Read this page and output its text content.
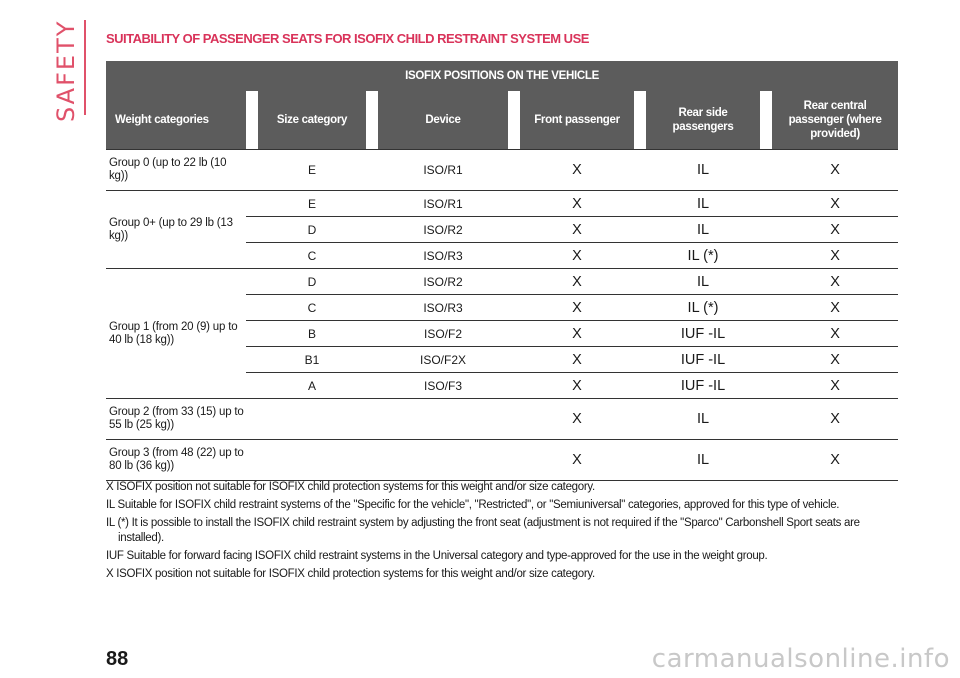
SAFETY SUITABILITY OF PASSENGER SEATS FOR ISOFIX CHILD RESTRAINT SYSTEM USE
ISOFIX POSITIONS ON THE VEHICLE										
Weight categories		Size category		Device		Front passenger		Rear side passengers		Rear central passenger (where provided)
Group 0 (up to 22 lb (10 kg))		E		ISO/R1		X		IL		X
Group 0+ (up to 29 lb (13 kg))		E		ISO/R1		X		IL		X
		D		ISO/R2		X		IL		X
		C		ISO/R3		X		IL (*)		X
Group 1 (from 20 (9) up to 40 lb (18 kg))		D		ISO/R2		X		IL		X
		C		ISO/R3		X		IL (*)		X
		B		ISO/F2		X		IUF -IL		X
		B1		ISO/F2X		X		IUF -IL		X
		A		ISO/F3		X		IUF -IL		X
Group 2 (from 33 (15) up to 55 lb (25 kg))						X		IL		X
Group 3 (from 48 (22) up to 80 lb (36 kg))						X		IL		X

X ISOFIX position not suitable for ISOFIX child protection systems for this weight and/or size category.

IL Suitable for ISOFIX child restraint systems of the "Specific for the vehicle", "Restricted", or "Semiuniversal" categories, approved for this type of vehicle.

IL (*) It is possible to install the ISOFIX child restraint system by adjusting the front seat (adjustment is not required if the "Sparco" Carbonshell Sport seats are installed).

IUF Suitable for forward facing ISOFIX child restraint systems in the Universal category and type-approved for the use in the weight group.

X ISOFIX position not suitable for ISOFIX child protection systems for this weight and/or size category.

88	carmanualsonline.info
